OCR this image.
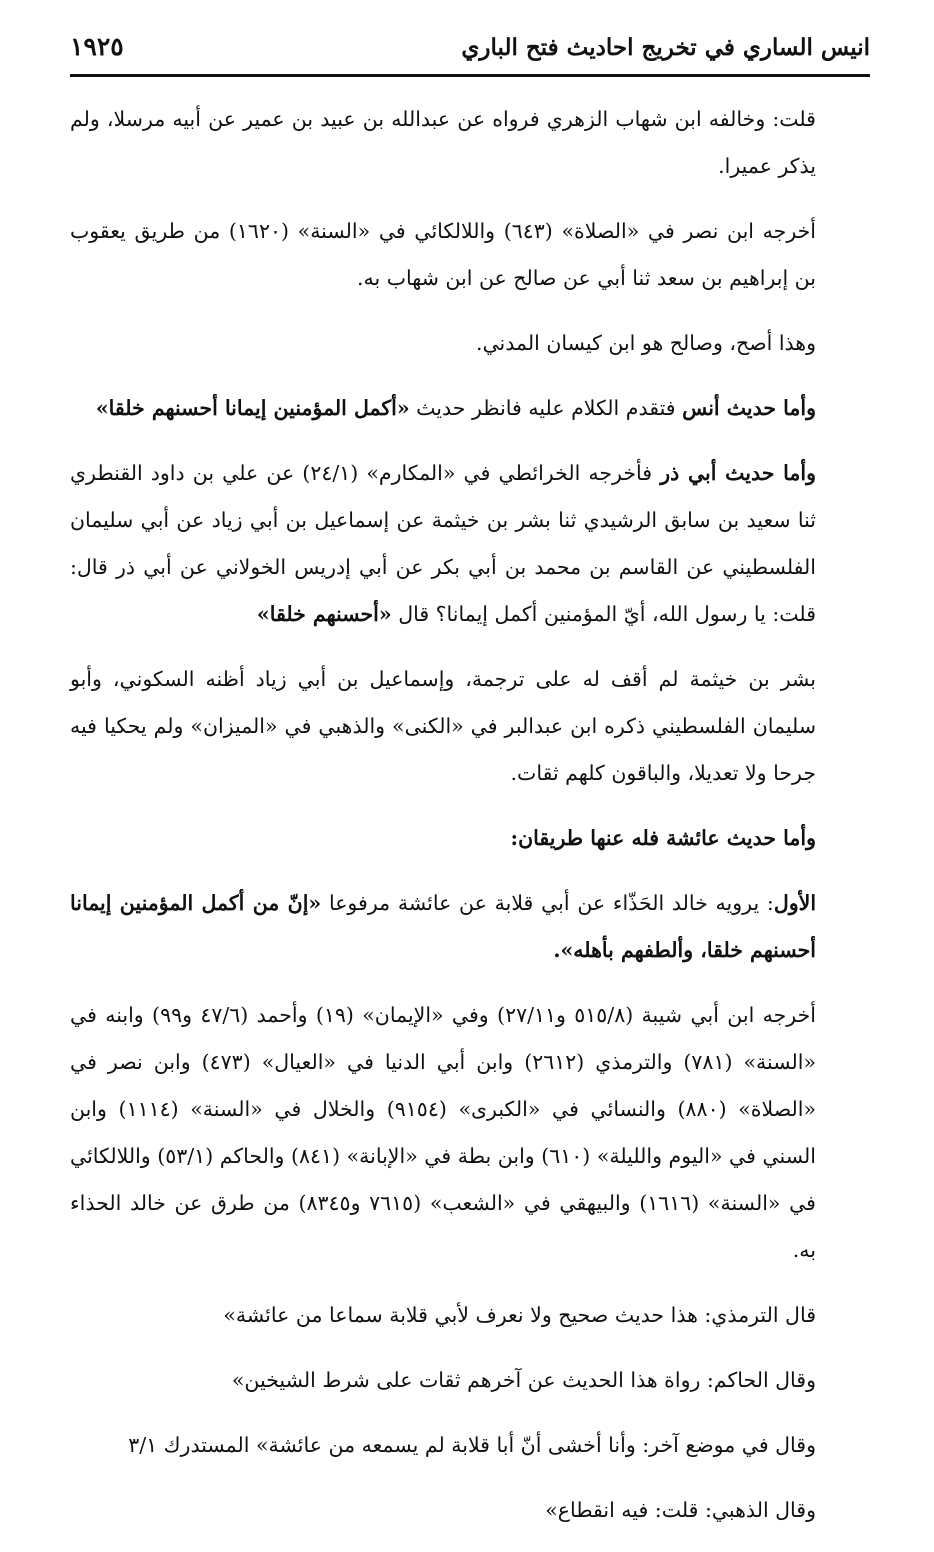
انيس الساري في تخريج احاديث فتح الباري
١٩٢٥

قلت: وخالفه ابن شهاب الزهري فرواه عن عبدالله بن عبيد بن عمير عن أبيه مرسلا، ولم يذكر عميرا.

أخرجه ابن نصر في «الصلاة» (٦٤٣) واللالكائي في «السنة» (١٦٢٠) من طريق يعقوب بن إبراهيم بن سعد ثنا أبي عن صالح عن ابن شهاب به.

وهذا أصح، وصالح هو ابن كيسان المدني.

وأما حديث أنس فتقدم الكلام عليه فانظر حديث «أكمل المؤمنين إيمانا أحسنهم خلقا»

وأما حديث أبي ذر فأخرجه الخرائطي في «المكارم» (٢٤/١) عن علي بن داود القنطري ثنا سعيد بن سابق الرشيدي ثنا بشر بن خيثمة عن إسماعيل بن أبي زياد عن أبي سليمان الفلسطيني عن القاسم بن محمد بن أبي بكر عن أبي إدريس الخولاني عن أبي ذر قال: قلت: يا رسول الله، أيّ المؤمنين أكمل إيمانا؟ قال «أحسنهم خلقا»

بشر بن خيثمة لم أقف له على ترجمة، وإسماعيل بن أبي زياد أظنه السكوني، وأبو سليمان الفلسطيني ذكره ابن عبدالبر في «الكنى» والذهبي في «الميزان» ولم يحكيا فيه جرحا ولا تعديلا، والباقون كلهم ثقات.

وأما حديث عائشة فله عنها طريقان:

الأول: يرويه خالد الحَذّاء عن أبي قلابة عن عائشة مرفوعا «إنّ من أكمل المؤمنين إيمانا أحسنهم خلقا، وألطفهم بأهله».

أخرجه ابن أبي شيبة (٥١٥/٨ و٢٧/١١) وفي «الإيمان» (١٩) وأحمد (٤٧/٦ و٩٩) وابنه في «السنة» (٧٨١) والترمذي (٢٦١٢) وابن أبي الدنيا في «العيال» (٤٧٣) وابن نصر في «الصلاة» (٨٨٠) والنسائي في «الكبرى» (٩١٥٤) والخلال في «السنة» (١١١٤) وابن السني في «اليوم والليلة» (٦١٠) وابن بطة في «الإبانة» (٨٤١) والحاكم (٥٣/١) واللالكائي في «السنة» (١٦١٦) والبيهقي في «الشعب» (٧٦١٥ و٨٣٤٥) من طرق عن خالد الحذاء به.

قال الترمذي: هذا حديث صحيح ولا نعرف لأبي قلابة سماعا من عائشة»

وقال الحاكم: رواة هذا الحديث عن آخرهم ثقات على شرط الشيخين»

وقال في موضع آخر: وأنا أخشى أنّ أبا قلابة لم يسمعه من عائشة» المستدرك ٣/١

وقال الذهبي: قلت: فيه انقطاع»
